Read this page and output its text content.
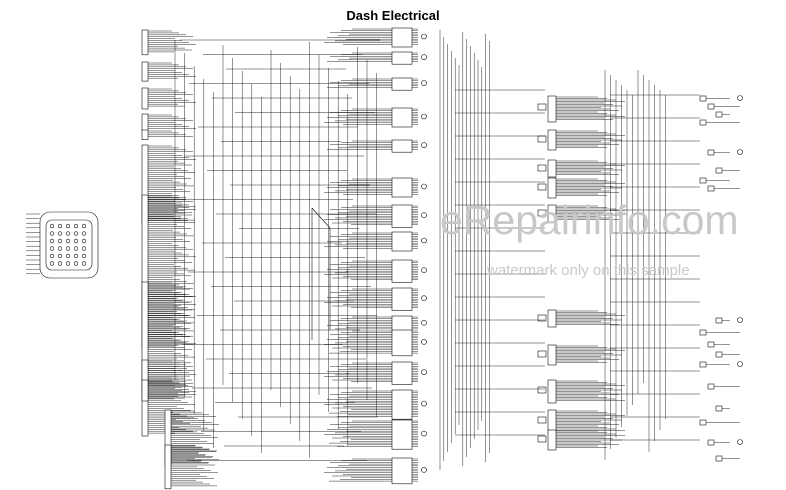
Dash Electrical
eRepairinfo.com
watermark only on this sample
